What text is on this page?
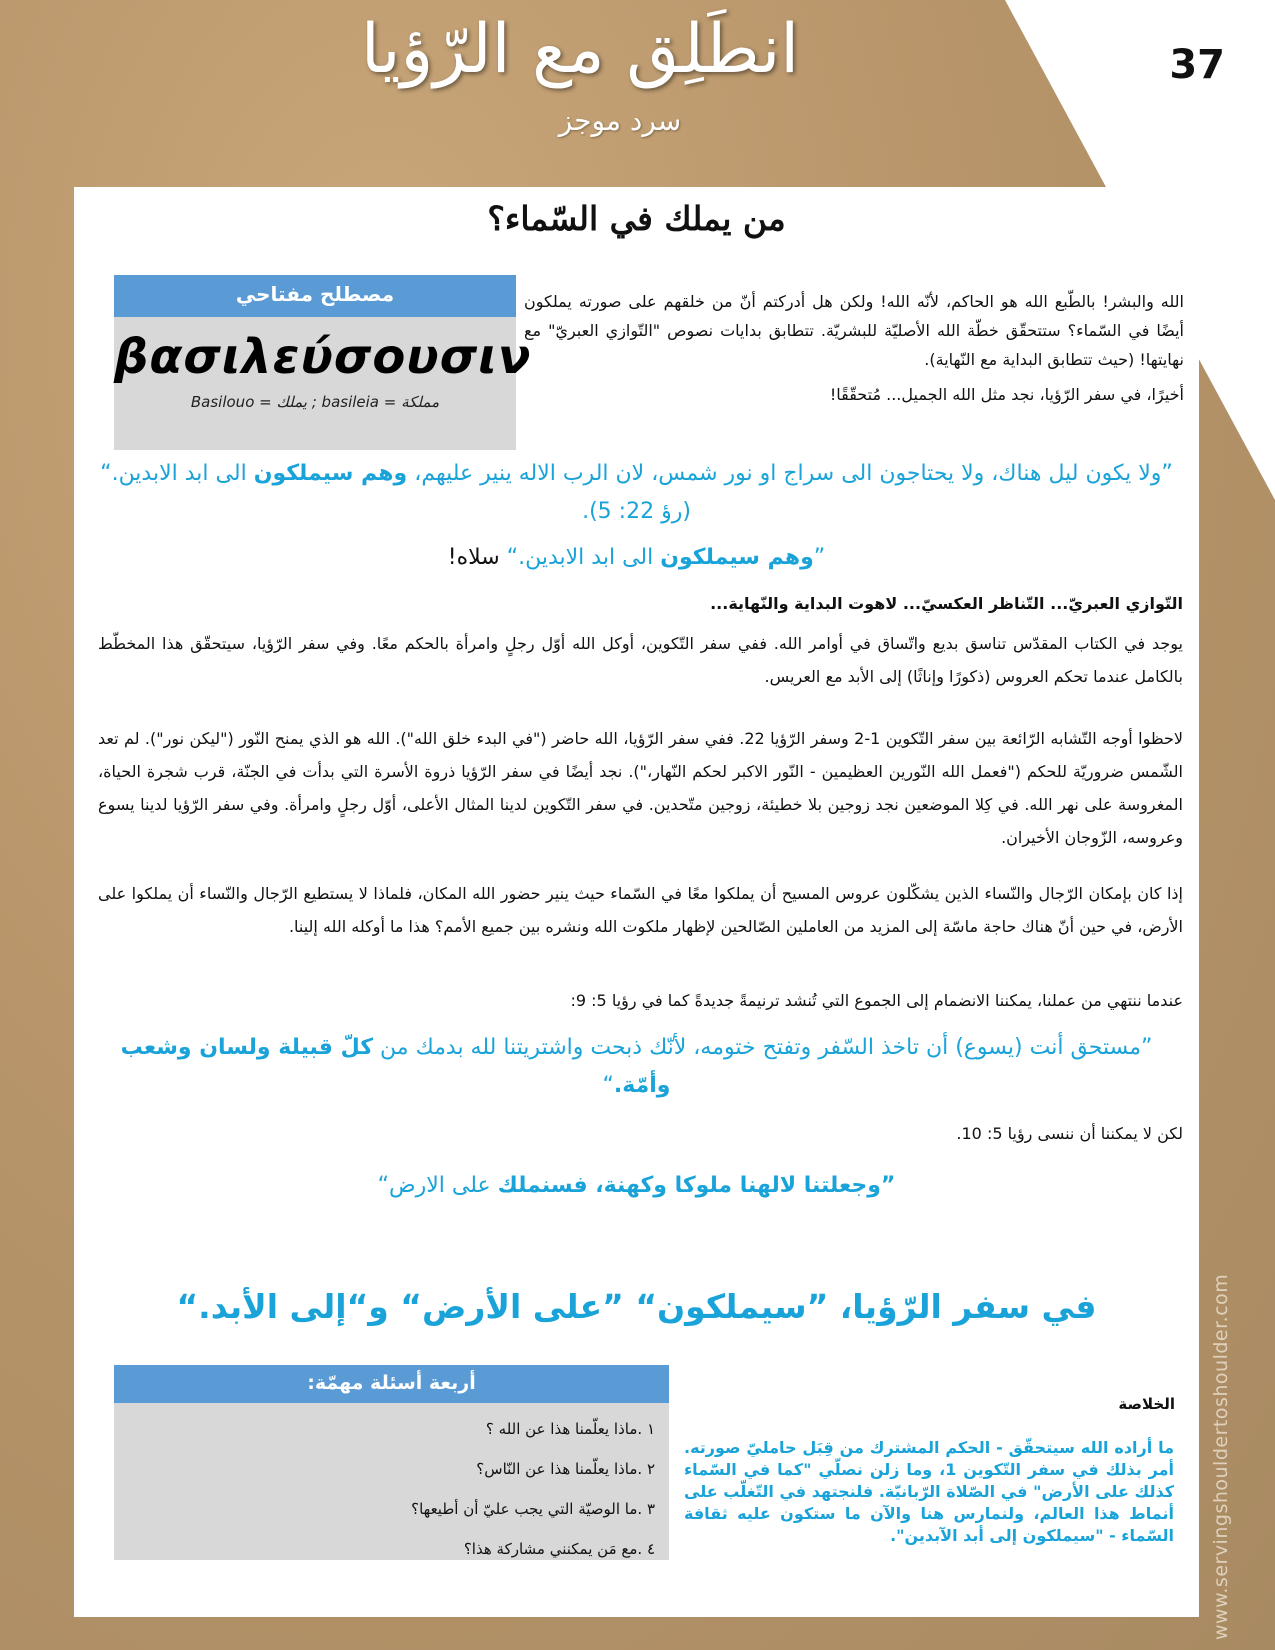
37
انطَلِق مع الرّؤيا
سرد موجز
من يملك في السّماء؟
مصطلح مفتاحي
βασιλεύσουσιν
Basilouo = يملك ; basileia = مملكة

الله والبشر! بالطّبع الله هو الحاكم، لأنّه الله! ولكن هل أدركتم أنّ من خلقهم على صورته يملكون أيضًا في السّماء؟ ستتحقّق خطّة الله الأصليّة للبشريّة. تتطابق بدايات نصوص "التّوازي العبريّ" مع نهايتها! (حيث تتطابق البداية مع النّهاية).

أخيرًا، في سفر الرّؤيا، نجد مثل الله الجميل... مُتحقّقًا!

”ولا يكون ليل هناك، ولا يحتاجون الى سراج او نور شمس، لان الرب الاله ينير عليهم، وهم سيملكون الى ابد الابدين.“ (رؤ 22: 5).
”وهم سيملكون الى ابد الابدين.“ سلاه!
التّوازي العبريّ... التّناظر العكسيّ... لاهوت البداية والنّهاية...
يوجد في الكتاب المقدّس تناسق بديع واتّساق في أوامر الله. ففي سفر التّكوين، أوكل الله أوّل رجلٍ وامرأة بالحكم معًا. وفي سفر الرّؤيا، سيتحقّق هذا المخطّط بالكامل عندما تحكم العروس (ذكورًا وإناثًا) إلى الأبد مع العريس.
لاحظوا أوجه التّشابه الرّائعة بين سفر التّكوين 1-2 وسفر الرّؤيا 22. ففي سفر الرّؤيا، الله حاضر ("في البدء خلق الله"). الله هو الذي يمنح النّور ("ليكن نور"). لم تعد الشّمس ضروريّة للحكم ("فعمل الله النّورين العظيمين - النّور الاكبر لحكم النّهار،"). نجد أيضًا في سفر الرّؤيا ذروة الأسرة التي بدأت في الجنّة، قرب شجرة الحياة، المغروسة على نهر الله. في كِلا الموضعين نجد زوجين بلا خطيئة، زوجين متّحدين. في سفر التّكوين لدينا المثال الأعلى، أوّل رجلٍ وامرأة. وفي سفر الرّؤيا لدينا يسوع وعروسه، الزّوجان الأخيران.
إذا كان بإمكان الرّجال والنّساء الذين يشكّلون عروس المسيح أن يملكوا معًا في السّماء حيث ينير حضور الله المكان، فلماذا لا يستطيع الرّجال والنّساء أن يملكوا على الأرض، في حين أنّ هناك حاجة ماسّة إلى المزيد من العاملين الصّالحين لإظهار ملكوت الله ونشره بين جميع الأمم؟ هذا ما أوكله الله إلينا.
عندما ننتهي من عملنا، يمكننا الانضمام إلى الجموع التي تُنشد ترنيمةً جديدةً كما في رؤيا 5: 9:
”مستحق أنت (يسوع) أن تاخذ السّفر وتفتح ختومه، لأنّك ذبحت واشتريتنا لله بدمك من كلّ قبيلة ولسان وشعب وأمّة.“
لكن لا يمكننا أن ننسى رؤيا 5: 10.
”وجعلتنا لالهنا ملوكا وكهنة، فسنملك على الارض“
في سفر الرّؤيا، ”سيملكون“ ”على الأرض“ و“إلى الأبد.“
أربعة أسئلة مهمّة:
١ .ماذا يعلّمنا هذا عن الله ؟
٢ .ماذا يعلّمنا هذا عن النّاس؟
٣ .ما الوصيّة التي يجب عليّ أن أطيعها؟
٤ .مع مَن يمكنني مشاركة هذا؟
الخلاصة
ما أراده الله سيتحقّق - الحكم المشترك من قِبَل حامليّ صورته. أمر بذلك في سفر التّكوين 1، وما زلن نصلّي "كما في السّماء كذلك على الأرض" في الصّلاة الرّبانيّة. فلنجتهد في التّغلّب على أنماط هذا العالم، ولنمارس هنا والآن ما ستكون عليه ثقافة السّماء - "سيملكون إلى أبد الآبدين". www.servingshouldertoshoulder.com
